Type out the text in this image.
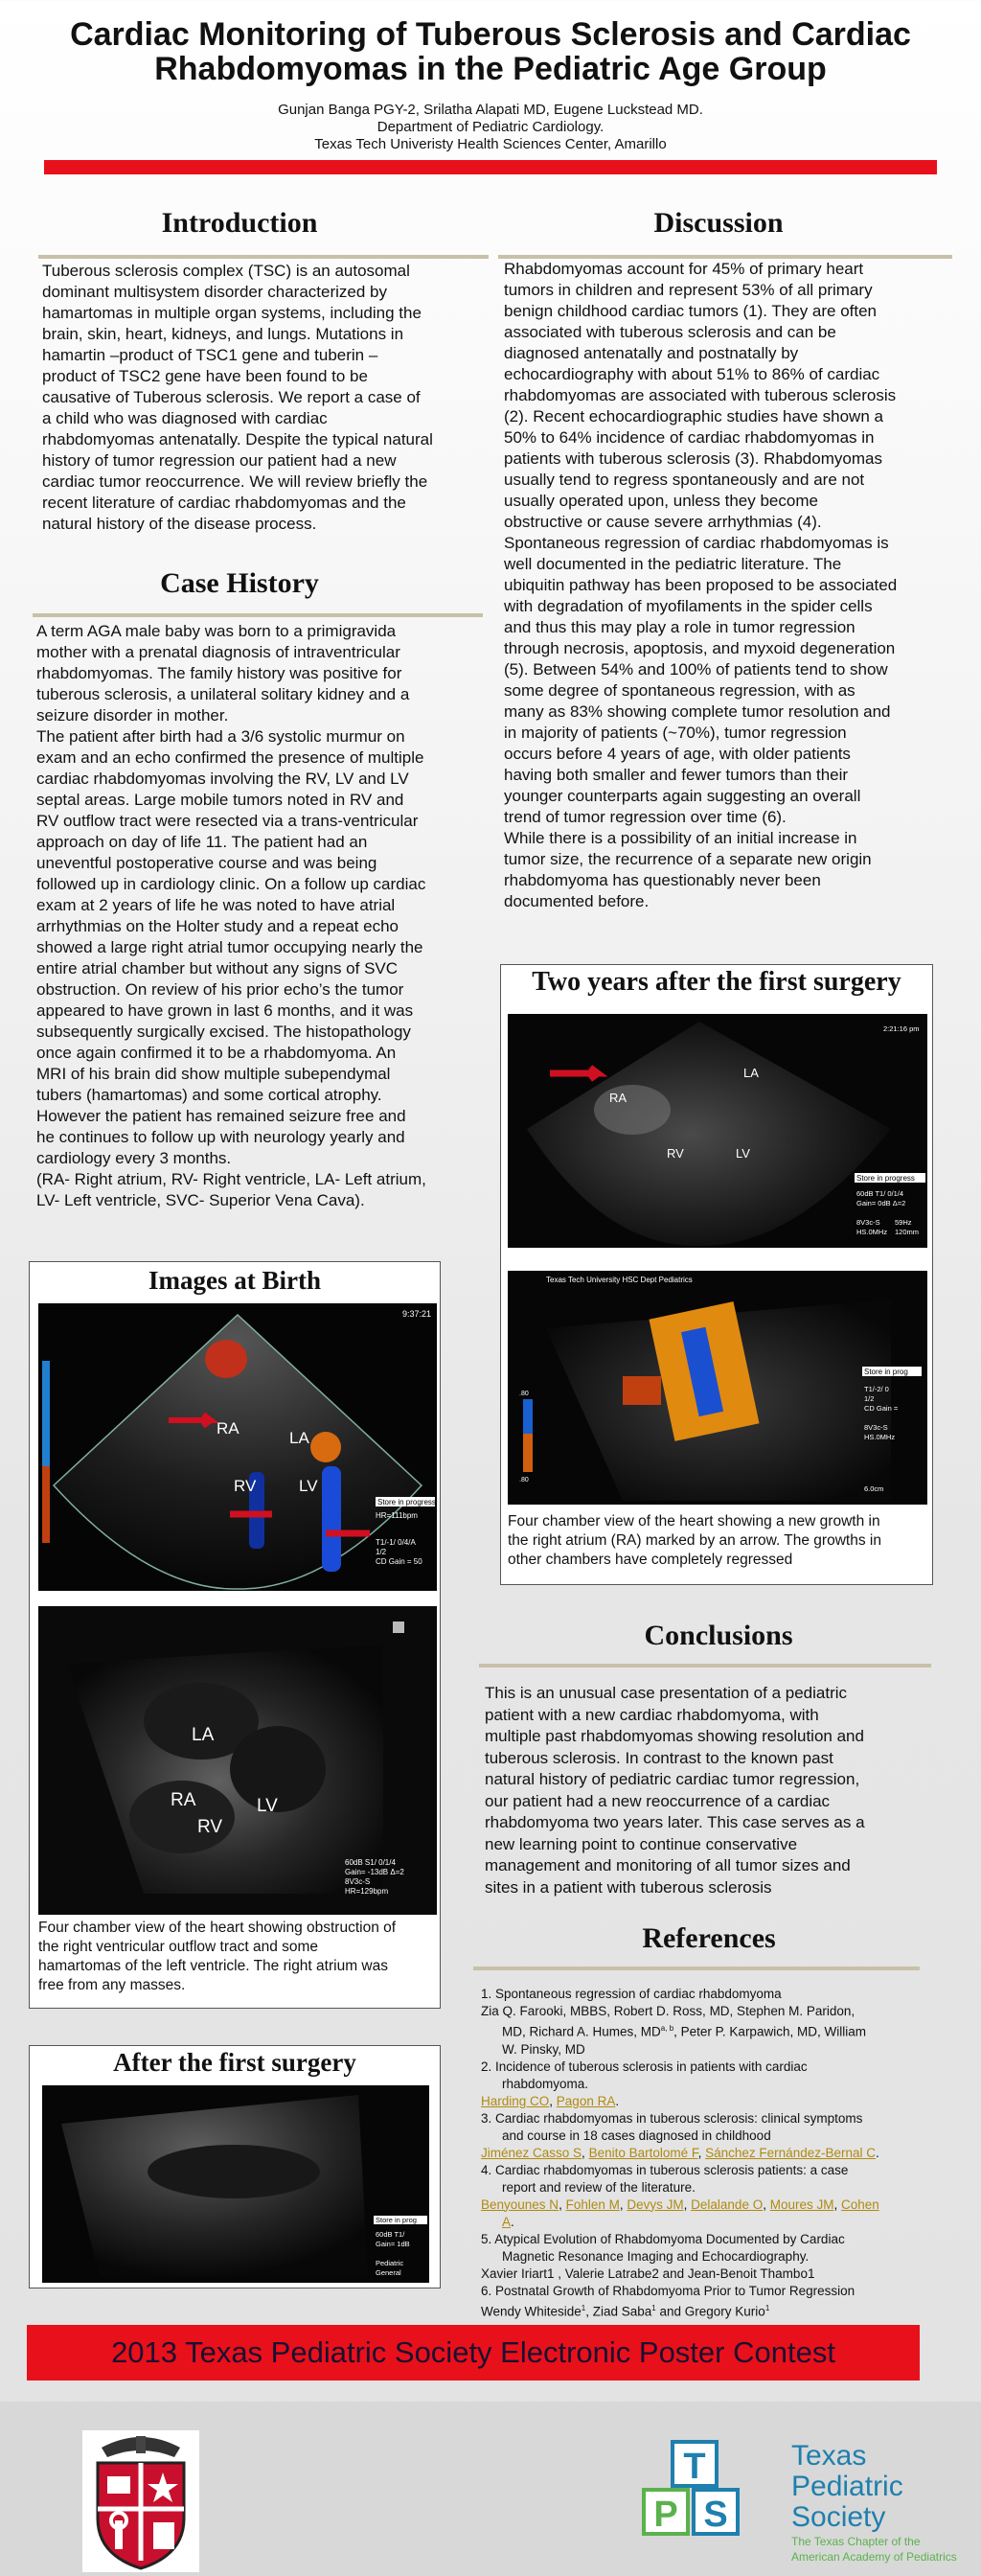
Cardiac Monitoring of Tuberous Sclerosis and Cardiac
Rhabdomyomas in the Pediatric Age Group
Gunjan Banga PGY-2, Srilatha Alapati MD, Eugene Luckstead MD.
Department of Pediatric Cardiology.
Texas Tech Univeristy Health Sciences Center, Amarillo
Introduction

Tuberous sclerosis complex (TSC) is an autosomal

dominant multisystem disorder characterized by

hamartomas in multiple organ systems, including the

brain, skin, heart, kidneys, and lungs. Mutations in

hamartin –product of TSC1 gene and tuberin –

product of TSC2 gene have been found to be

causative of Tuberous sclerosis. We report a case of

a child who was diagnosed with cardiac

rhabdomyomas antenatally. Despite the typical natural

history of tumor regression our patient had a new

cardiac tumor reoccurrence. We will review briefly the

recent literature of cardiac rhabdomyomas and the

natural history of the disease process.

Case History

A term AGA male baby was born to a primigravida

mother with a prenatal diagnosis of intraventricular

rhabdomyomas. The family history was positive for

tuberous sclerosis, a unilateral solitary kidney and a

seizure disorder in mother.

The patient after birth had a 3/6 systolic murmur on

exam and an echo confirmed the presence of multiple

cardiac rhabdomyomas involving the RV, LV and LV

septal areas. Large mobile tumors noted in RV and

RV outflow tract were resected via a trans-ventricular

approach on day of life 11. The patient had an

uneventful postoperative course and was being

followed up in cardiology clinic. On a follow up cardiac

exam at 2 years of life he was noted to have atrial

arrhythmias on the Holter study and a repeat echo

showed a large right atrial tumor occupying nearly the

entire atrial chamber but without any signs of SVC

obstruction. On review of his prior echo’s the tumor

appeared to have grown in last 6 months, and it was

subsequently surgically excised. The histopathology

once again confirmed it to be a rhabdomyoma. An

MRI of his brain did show multiple subependymal

tubers (hamartomas) and some cortical atrophy.

However the patient has remained seizure free and

he continues to follow up with neurology yearly and

cardiology every 3 months.

(RA- Right atrium, RV- Right ventricle, LA- Left atrium,

LV- Left ventricle, SVC- Superior Vena Cava).

Images at Birth
RA
LA
RV	LV
9:37:21
Store in progress
HR=111bpm
T1/-1/ 0/4/A
1/2
CD Gain = 50
LA
RA
RV
LV
60dB S1/ 0/1/4
Gain= -13dB Δ=2
8V3c-S
HR=129bpm
Four chamber view of the heart showing obstruction of
the right ventricular outflow tract and some
hamartomas of the left ventricle. The right atrium was
free from any masses.
After the first surgery
Store in prog
60dB T1/
Gain= 1dB
Pediatric
General
Discussion

Rhabdomyomas account for 45% of primary heart

tumors in children and represent 53% of all primary

benign childhood cardiac tumors (1). They are often

associated with tuberous sclerosis and can be

diagnosed antenatally and postnatally by

echocardiography with about 51% to 86% of cardiac

rhabdomyomas are associated with tuberous sclerosis

(2). Recent echocardiographic studies have shown a

50% to 64% incidence of cardiac rhabdomyomas in

patients with tuberous sclerosis (3). Rhabdomyomas

usually tend to regress spontaneously and are not

usually operated upon, unless they become

obstructive or cause severe arrhythmias (4).

Spontaneous regression of cardiac rhabdomyomas is

well documented in the pediatric literature. The

ubiquitin pathway has been proposed to be associated

with degradation of myofilaments in the spider cells

and thus this may play a role in tumor regression

through necrosis, apoptosis, and myxoid degeneration

(5). Between 54% and 100% of patients tend to show

some degree of spontaneous regression, with as

many as 83% showing complete tumor resolution and

in majority of patients (~70%), tumor regression

occurs before 4 years of age, with older patients

having both smaller and fewer tumors than their

younger counterparts again suggesting an overall

trend of tumor regression over time (6).

While there is a possibility of an initial increase in

tumor size, the recurrence of a separate new origin

rhabdomyoma has questionably never been

documented before.

Two years after the first surgery
LA
RA
RV	LV
2:21:16 pm
Store in progress
60dB T1/ 0/1/4
Gain= 0dB Δ=2
8V3c-S
HS.0MHz
59Hz
120mm
.80
.80
Texas Tech University HSC Dept Pediatrics
Store in prog
T1/-2/ 0
1/2
CD Gain =
8V3c-S
HS.0MHz
6.0cm
Four chamber view of the heart showing a new growth in
the right atrium (RA) marked by an arrow. The growths in
other chambers have completely regressed
Conclusions

This is an unusual case presentation of a pediatric

patient with a new cardiac rhabdomyoma, with

multiple past rhabdomyomas showing resolution and

tuberous sclerosis. In contrast to the known past

natural history of pediatric cardiac tumor regression,

our patient had a new reoccurrence of a cardiac

rhabdomyoma two years later. This case serves as a

new learning point to continue conservative

management and monitoring of all tumor sizes and

sites in a patient with tuberous sclerosis

References
1. Spontaneous regression of cardiac rhabdomyoma
Zia Q. Farooki, MBBS, Robert D. Ross, MD, Stephen M. Paridon,
MD, Richard A. Humes, MD$^{a, b}$, Peter P. Karpawich, MD, William
W. Pinsky, MD
2. Incidence of tuberous sclerosis in patients with cardiac
rhabdomyoma.
Harding CO, Pagon RA.
3. Cardiac rhabdomyomas in tuberous sclerosis: clinical symptoms
and course in 18 cases diagnosed in childhood
Jiménez Casso S, Benito Bartolomé F, Sánchez Fernández-Bernal C.
4. Cardiac rhabdomyomas in tuberous sclerosis patients: a case
report and review of the literature.
Benyounes N, Fohlen M, Devys JM, Delalande O, Moures JM, Cohen
A.
5. Atypical Evolution of Rhabdomyoma Documented by Cardiac
Magnetic Resonance Imaging and Echocardiography.
Xavier Iriart1 , Valerie Latrabe2 and Jean-Benoit Thambo1
6. Postnatal Growth of Rhabdomyoma Prior to Tumor Regression
Wendy Whiteside$^1$, Ziad Saba$^1$ and Gregory Kurio$^1$
2013 Texas Pediatric Society Electronic Poster Contest
T
P S
Texas
Pediatric
Society
The Texas Chapter of the
American Academy of Pediatrics
